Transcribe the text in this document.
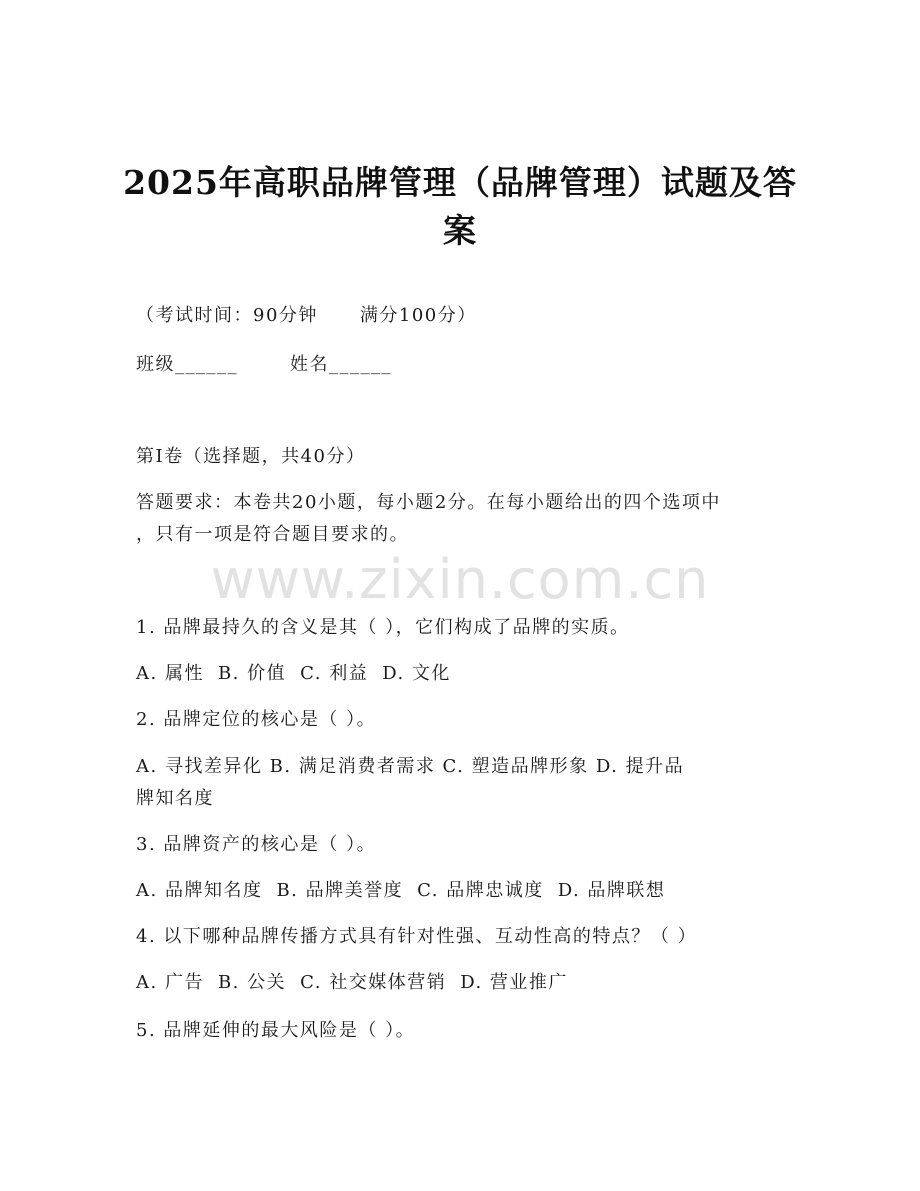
2025年高职品牌管理（品牌管理）试题及答
案
（考试时间：90分钟 满分100分）
班级______	姓名______
第I卷（选择题，共40分）
答题要求：本卷共20小题，每小题2分。在每小题给出的四个选项中
，只有一项是符合题目要求的。
www.zixin.com.cn
1. 品牌最持久的含义是其（ ），它们构成了品牌的实质。
A. 属性 B. 价值 C. 利益 D. 文化
2. 品牌定位的核心是（ ）。
A. 寻找差异化 B. 满足消费者需求 C. 塑造品牌形象 D. 提升品
牌知名度
3. 品牌资产的核心是（ ）。
A. 品牌知名度 B. 品牌美誉度 C. 品牌忠诚度 D. 品牌联想
4. 以下哪种品牌传播方式具有针对性强、互动性高的特点？（ ）
A. 广告 B. 公关 C. 社交媒体营销 D. 营业推广
5. 品牌延伸的最大风险是（ ）。
